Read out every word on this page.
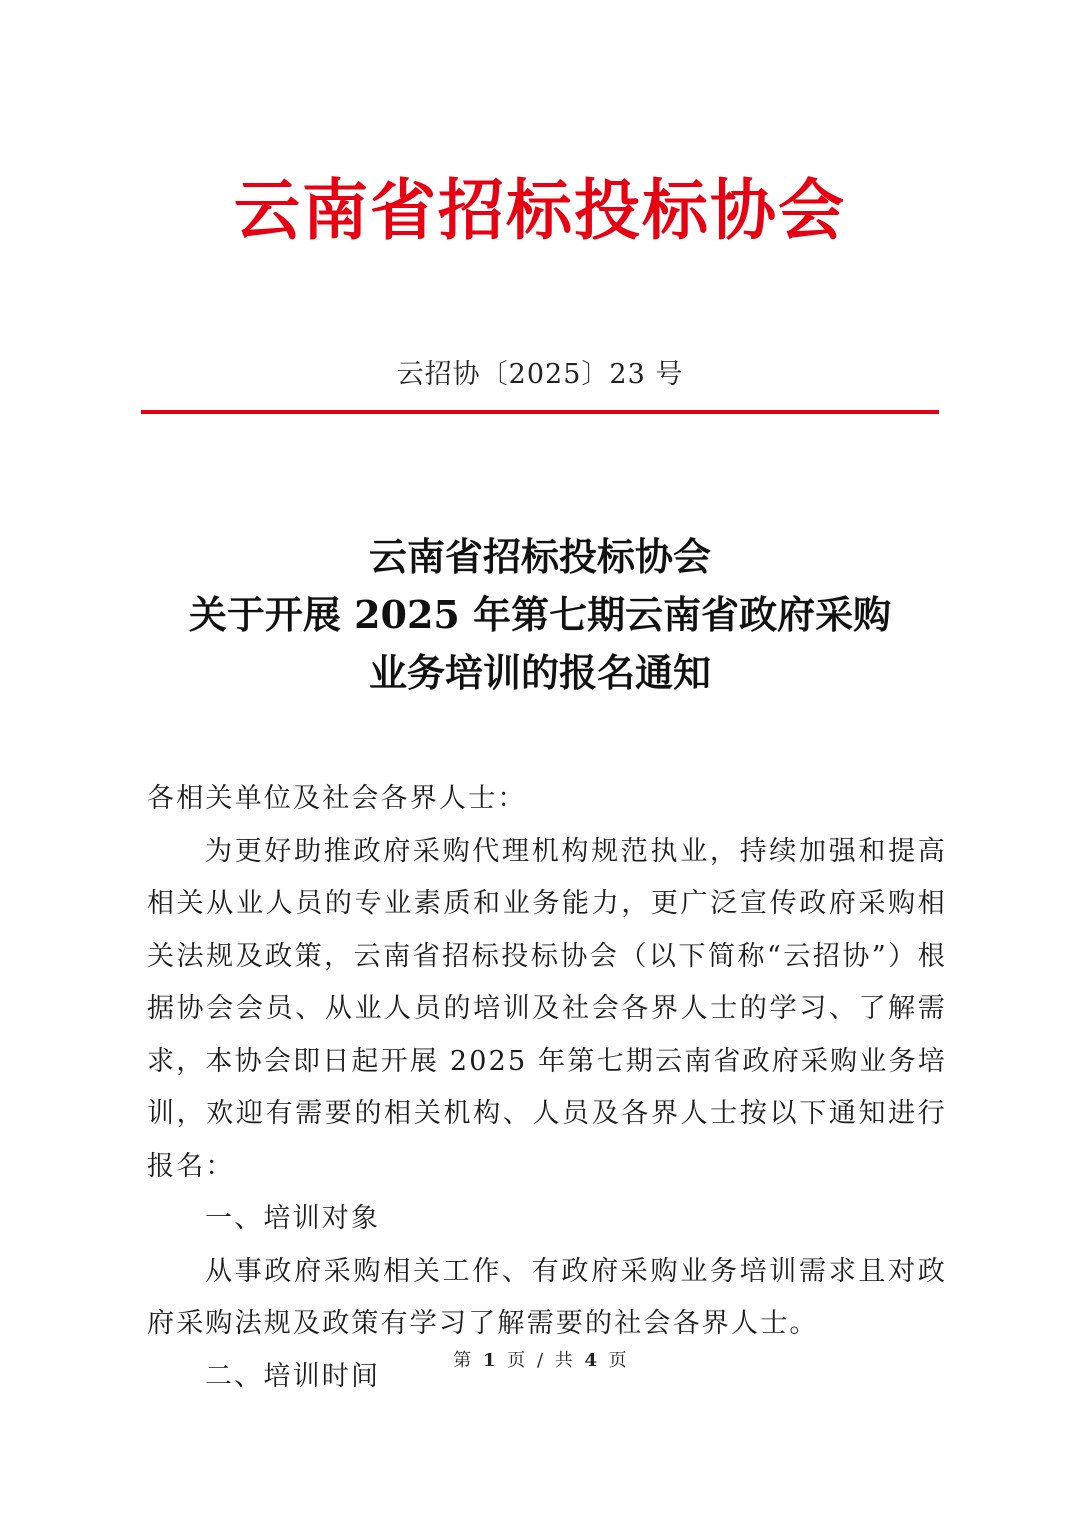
云南省招标投标协会
云招协〔2025〕23 号
云南省招标投标协会
关于开展 2025 年第七期云南省政府采购
业务培训的报名通知

各相关单位及社会各界人士：

为更好助推政府采购代理机构规范执业，持续加强和提高相关从业人员的专业素质和业务能力，更广泛宣传政府采购相关法规及政策，云南省招标投标协会（以下简称“云招协”）根据协会会员、从业人员的培训及社会各界人士的学习、了解需求，本协会即日起开展 2025 年第七期云南省政府采购业务培训，欢迎有需要的相关机构、人员及各界人士按以下通知进行报名：

一、培训对象

从事政府采购相关工作、有政府采购业务培训需求且对政府采购法规及政策有学习了解需要的社会各界人士。

二、培训时间	第 1 页 / 共 4 页
